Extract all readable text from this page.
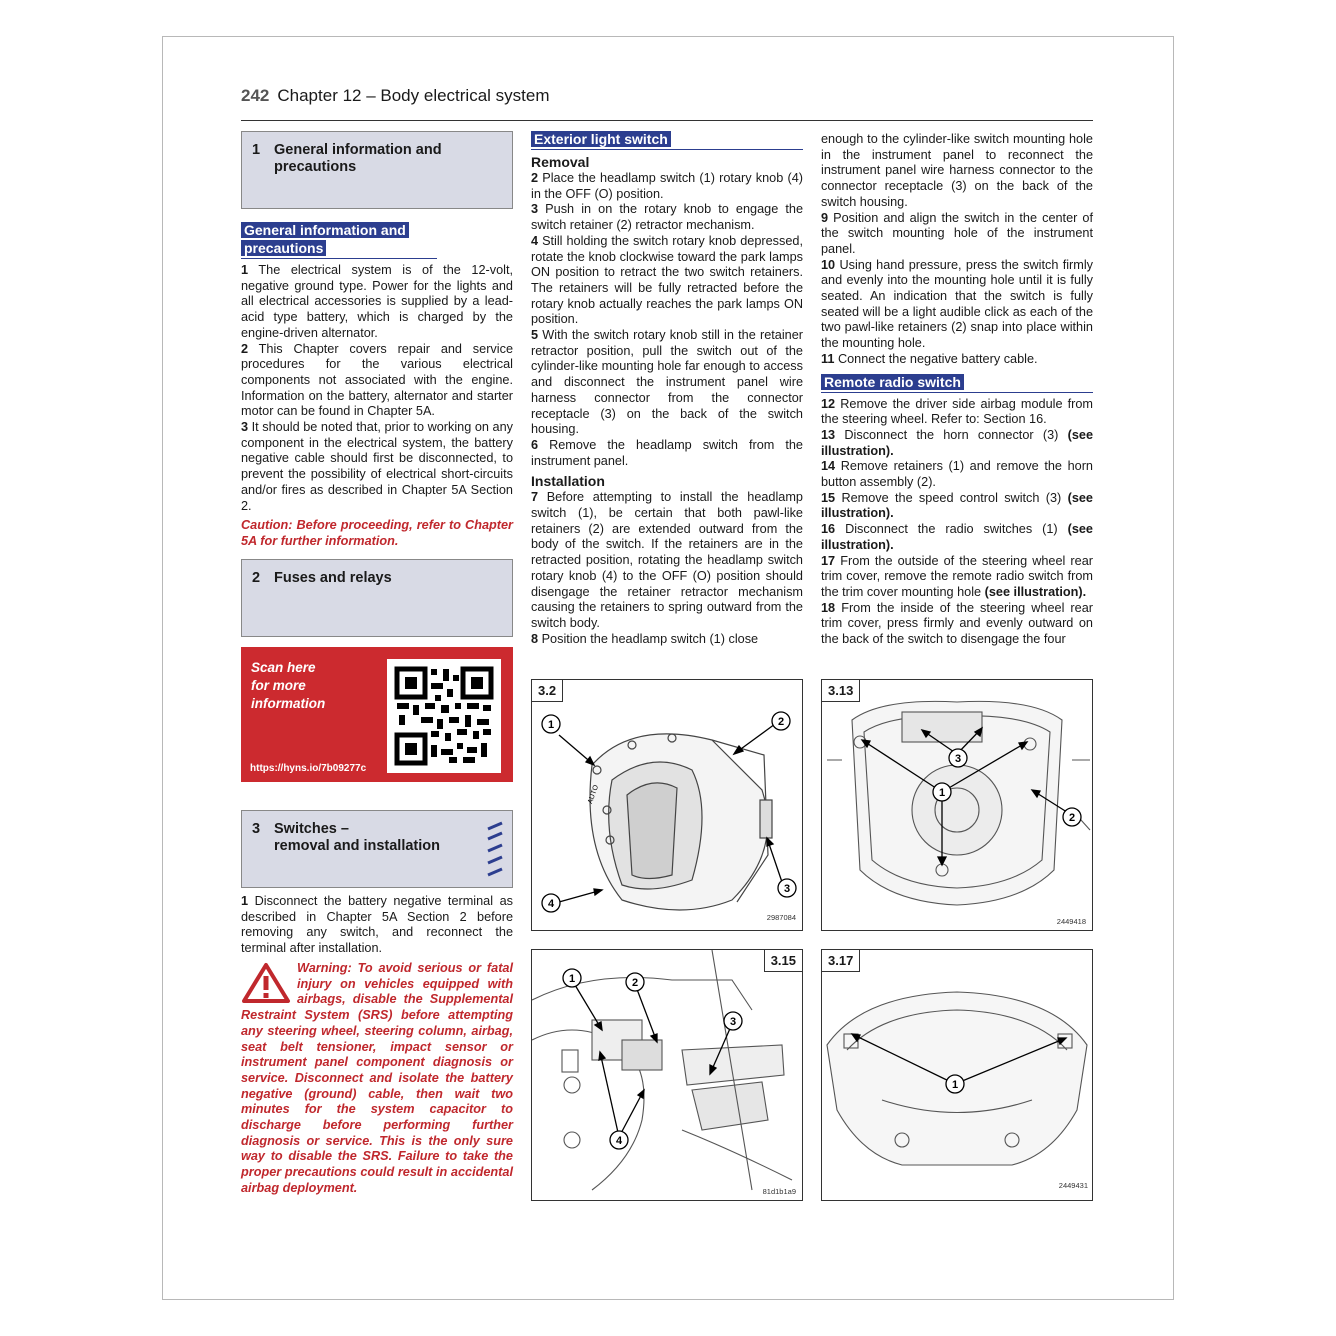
242 Chapter 12 – Body electrical system
1 General information and precautions
General information and precautions

1 The electrical system is of the 12-volt, negative ground type. Power for the lights and all electrical accessories is supplied by a lead-acid type battery, which is charged by the engine-driven alternator.

2 This Chapter covers repair and service procedures for the various electrical components not associated with the engine. Information on the battery, alternator and starter motor can be found in Chapter 5A.

3 It should be noted that, prior to working on any component in the electrical system, the battery negative cable should first be disconnected, to prevent the possibility of electrical short-circuits and/or fires as described in Chapter 5A Section 2.

Caution: Before proceeding, refer to Chapter 5A for further information.

2 Fuses and relays
Scan here
for more
information
https://hyns.io/7b09277c
3 Switches –
removal and installation

1 Disconnect the battery negative terminal as described in Chapter 5A Section 2 before removing any switch, and reconnect the terminal after installation.

Warning: To avoid serious or fatal injury on vehicles equipped with airbags, disable the Supplemental Restraint System (SRS) before attempting any steering wheel, steering column, airbag, seat belt tensioner, impact sensor or instrument panel component diagnosis or service. Disconnect and isolate the battery negative (ground) cable, then wait two minutes for the system capacitor to discharge before performing further diagnosis or service. This is the only sure way to disable the SRS. Failure to take the proper precautions could result in accidental airbag deployment.

Exterior light switch
Removal

2 Place the headlamp switch (1) rotary knob (4) in the OFF (O) position.

3 Push in on the rotary knob to engage the switch retainer (2) retractor mechanism.

4 Still holding the switch rotary knob depressed, rotate the knob clockwise toward the park lamps ON position to retract the two switch retainers. The retainers will be fully retracted before the rotary knob actually reaches the park lamps ON position.

5 With the switch rotary knob still in the retainer retractor position, pull the switch out of the cylinder-like mounting hole far enough to access and disconnect the instrument panel wire harness connector from the connector receptacle (3) on the back of the switch housing.

6 Remove the headlamp switch from the instrument panel.

Installation

7 Before attempting to install the headlamp switch (1), be certain that both pawl-like retainers (2) are extended outward from the body of the switch. If the retainers are in the retracted position, rotating the headlamp switch rotary knob (4) to the OFF (O) position should disengage the retainer retractor mechanism causing the retainers to spring outward from the switch body.

8 Position the headlamp switch (1) close

enough to the cylinder-like switch mounting hole in the instrument panel to reconnect the instrument panel wire harness connector to the connector receptacle (3) on the back of the switch housing.

9 Position and align the switch in the center of the switch mounting hole of the instrument panel.

10 Using hand pressure, press the switch firmly and evenly into the mounting hole until it is fully seated. An indication that the switch is fully seated will be a light audible click as each of the two pawl-like retainers (2) snap into place within the mounting hole.

11 Connect the negative battery cable.

Remote radio switch

12 Remove the driver side airbag module from the steering wheel. Refer to: Section 16.

13 Disconnect the horn connector (3) (see illustration).

14 Remove retainers (1) and remove the horn button assembly (2).

15 Remove the speed control switch (3) (see illustration).

16 Disconnect the radio switches (1) (see illustration).

17 From the outside of the steering wheel rear trim cover, remove the remote radio switch from the trim cover mounting hole (see illustration).

18 From the inside of the steering wheel rear trim cover, press firmly and evenly outward on the back of the switch to disengage the four

1	2
3
4
AUTO
3.2
2987084
1
2
3
3.13
2449418
1	2
3
4
3.15
81d1b1a9
1
3.17
2449431
